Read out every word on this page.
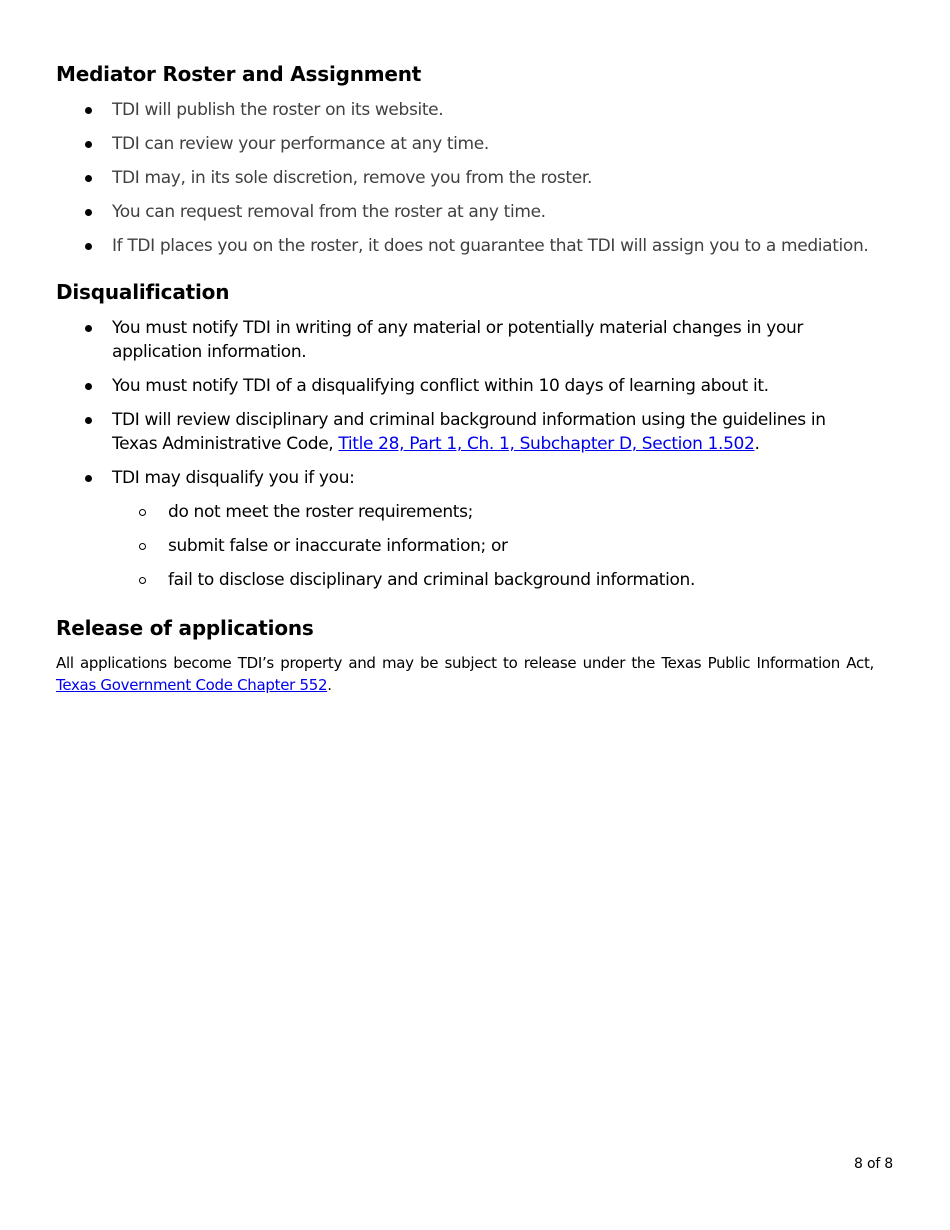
Mediator Roster and Assignment
TDI will publish the roster on its website.
TDI can review your performance at any time.
TDI may, in its sole discretion, remove you from the roster.
You can request removal from the roster at any time.
If TDI places you on the roster, it does not guarantee that TDI will assign you to a mediation.
Disqualification
You must notify TDI in writing of any material or potentially material changes in your application information.
You must notify TDI of a disqualifying conflict within 10 days of learning about it.
TDI will review disciplinary and criminal background information using the guidelines in Texas Administrative Code, Title 28, Part 1, Ch. 1, Subchapter D, Section 1.502.
TDI may disqualify you if you:
do not meet the roster requirements;
submit false or inaccurate information; or
fail to disclose disciplinary and criminal background information.
Release of applications

All applications become TDI’s property and may be subject to release under the Texas Public Information Act, Texas Government Code Chapter 552.

8 of 8
